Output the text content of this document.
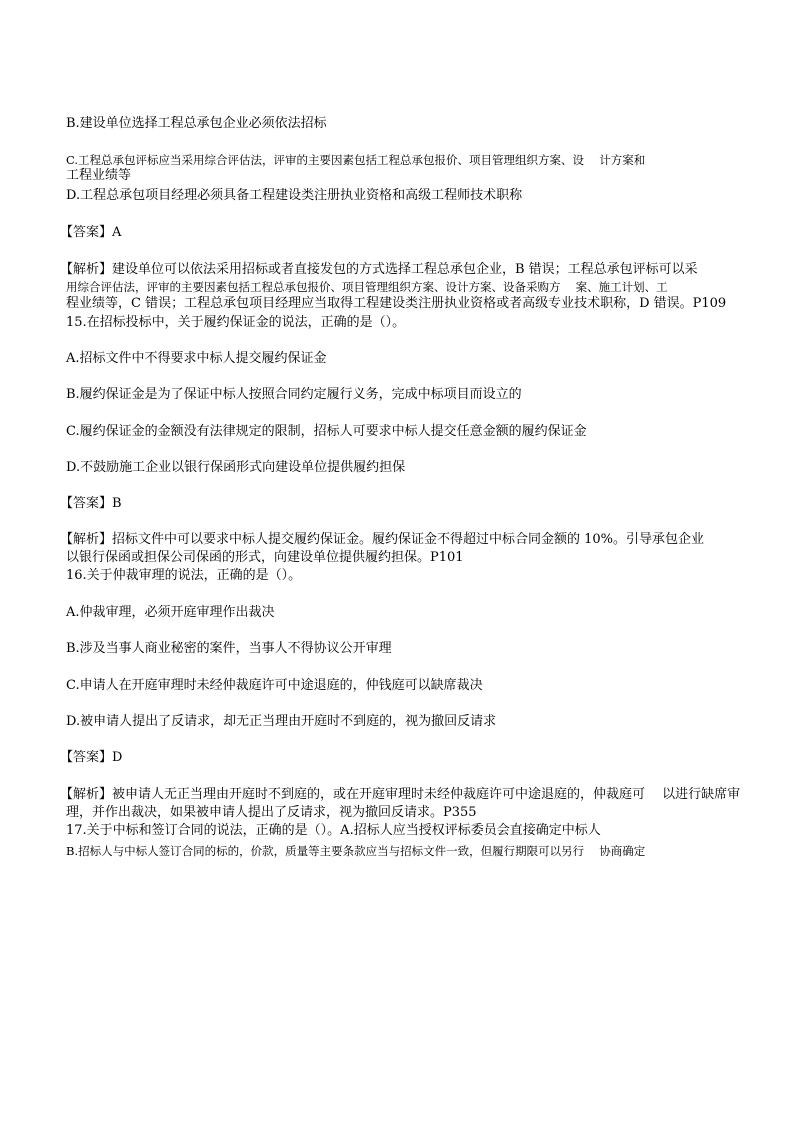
B.建设单位选择工程总承包企业必须依法招标

C.工程总承包评标应当采用综合评估法，评审的主要因素包括工程总承包报价、项目管理组织方案、设　 计方案和

工程业绩等

D.工程总承包项目经理必须具备工程建设类注册执业资格和高级工程师技术职称

【答案】A

【解析】建设单位可以依法采用招标或者直接发包的方式选择工程总承包企业，B 错误；工程总承包评标可以采

用综合评估法，评审的主要因素包括工程总承包报价、项目管理组织方案、设计方案、设备采购方　 案、施工计划、工

程业绩等，C 错误；工程总承包项目经理应当取得工程建设类注册执业资格或者高级专业技术职称，D 错误。P109

15.在招标投标中，关于履约保证金的说法，正确的是（）。

A.招标文件中不得要求中标人提交履约保证金

B.履约保证金是为了保证中标人按照合同约定履行义务，完成中标项目而设立的

C.履约保证金的金额没有法律规定的限制，招标人可要求中标人提交任意金额的履约保证金

D.不鼓励施工企业以银行保函形式向建设单位提供履约担保

【答案】B

【解析】招标文件中可以要求中标人提交履约保证金。履约保证金不得超过中标合同金额的 10%。引导承包企业

以银行保函或担保公司保函的形式，向建设单位提供履约担保。P101

16.关于仲裁审理的说法，正确的是（）。

A.仲裁审理，必须开庭审理作出裁决

B.涉及当事人商业秘密的案件，当事人不得协议公开审理

C.申请人在开庭审理时未经仲裁庭许可中途退庭的，仲钱庭可以缺席裁决

D.被申请人提出了反请求，却无正当理由开庭时不到庭的，视为撤回反请求

【答案】D

【解析】被申请人无正当理由开庭时不到庭的，或在开庭审理时未经仲裁庭许可中途退庭的，仲裁庭可　 以进行缺席审

理，并作出裁决，如果被申请人提出了反请求，视为撤回反请求。P355

17.关于中标和签订合同的说法，正确的是（）。A.招标人应当授权评标委员会直接确定中标人

B.招标人与中标人签订合同的标的，价款，质量等主要条款应当与招标文件一致，但履行期限可以另行　 协商确定
